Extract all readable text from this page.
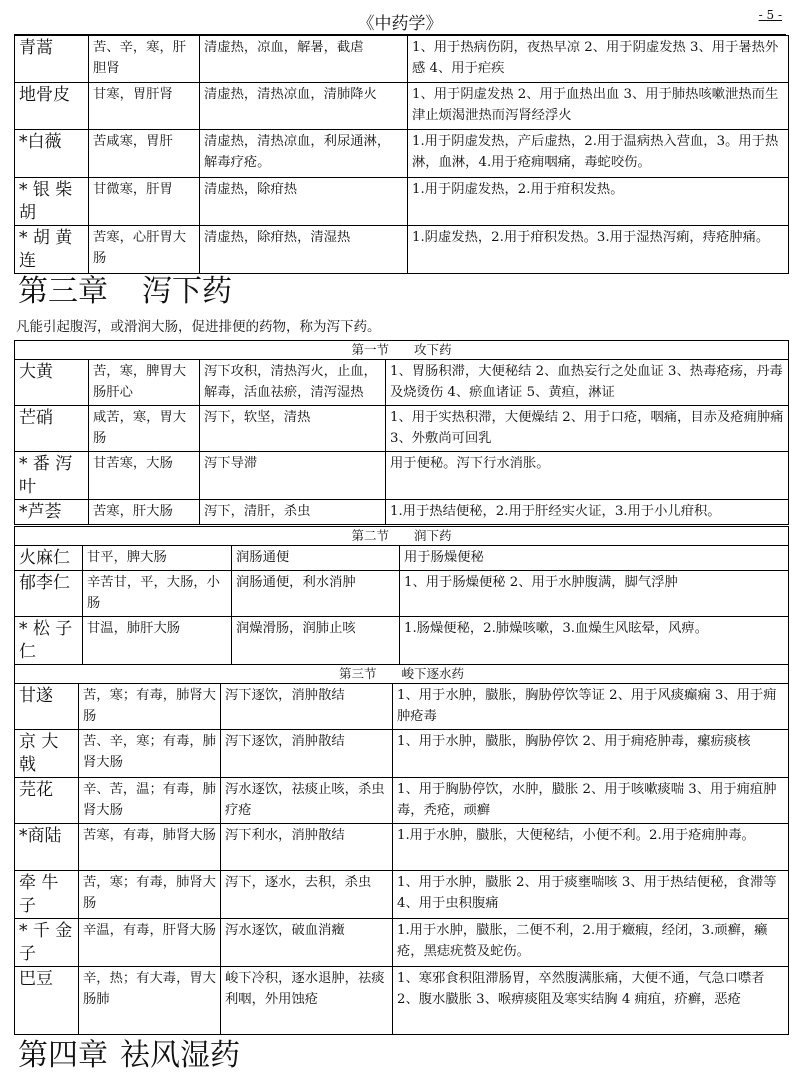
《中药学》	- 5 -
青蒿	苦、辛，寒，肝胆肾	清虚热，凉血，解暑，截虐	1、用于热病伤阴，夜热早凉 2、用于阴虚发热 3、用于暑热外感 4、用于疟疾
地骨皮	甘寒，胃肝肾	清虚热，清热凉血，清肺降火	1、用于阴虚发热 2、用于血热出血 3、用于肺热咳嗽泄热而生津止烦渴泄热而泻肾经浮火
*白薇	苦咸寒，胃肝	清虚热，清热凉血，利尿通淋，解毒疗疮。	1.用于阴虚发热，产后虚热，2.用于温病热入营血，3。用于热淋，血淋，4.用于疮痈咽痛，毒蛇咬伤。
* 银 柴胡	甘微寒，肝胃	清虚热，除疳热	1.用于阴虚发热，2.用于疳积发热。
* 胡 黄连	苦寒，心肝胃大肠	清虚热，除疳热，清湿热	1.阴虚发热，2.用于疳积发热。3.用于湿热泻痢，痔疮肿痛。
第三章 泻下药
凡能引起腹泻，或滑润大肠，促进排便的药物，称为泻下药。
第一节　　攻下药			
大黄	苦，寒，脾胃大肠肝心	泻下攻积，清热泻火，止血，解毒，活血祛瘀，清泻湿热	1、胃肠积滞，大便秘结 2、血热妄行之处血证 3、热毒疮疡，丹毒及烧烫伤 4、瘀血诸证 5、黄疸，淋证
芒硝	咸苦，寒，胃大肠	泻下，软坚，清热	1、用于实热积滞，大便燥结 2、用于口疮，咽痛，目赤及疮痈肿痛 3、外敷尚可回乳
* 番 泻叶	甘苦寒，大肠	泻下导滞	用于便秘。泻下行水消胀。
*芦荟	苦寒，肝大肠	泻下，清肝，杀虫	1.用于热结便秘，2.用于肝经实火证，3.用于小儿疳积。
第二节　　润下药			
火麻仁	甘平，脾大肠	润肠通便	用于肠燥便秘
郁李仁	辛苦甘，平，大肠，小肠	润肠通便，利水消肿	1、用于肠燥便秘 2、用于水肿腹满，脚气浮肿
* 松 子仁	甘温，肺肝大肠	润燥滑肠，润肺止咳	1.肠燥便秘，2.肺燥咳嗽，3.血燥生风眩晕，风痹。
第三节　　峻下逐水药			
甘遂	苦，寒；有毒，肺肾大肠	泻下逐饮，消肿散结	1、用于水肿，臌胀，胸胁停饮等证 2、用于风痰癫痫 3、用于痈肿疮毒
京 大戟	苦、辛，寒；有毒，肺肾大肠	泻下逐饮，消肿散结	1、用于水肿，臌胀，胸胁停饮 2、用于痈疮肿毒，瘰疬痰核
芫花	辛、苦，温；有毒，肺肾大肠	泻水逐饮，祛痰止咳，杀虫疗疮	1、用于胸胁停饮，水肿，臌胀 2、用于咳嗽痰喘 3、用于痈疽肿毒，秃疮，顽癣
*商陆	苦寒，有毒，肺肾大肠	泻下利水，消肿散结	1.用于水肿，臌胀，大便秘结，小便不利。2.用于疮痈肿毒。
牵 牛子	苦，寒；有毒，肺肾大肠	泻下，逐水，去积，杀虫	1、用于水肿，臌胀 2、用于痰壅喘咳 3、用于热结便秘，食滞等 4、用于虫积腹痛
* 千 金子	辛温，有毒，肝肾大肠	泻水逐饮，破血消癥	1.用于水肿，臌胀，二便不利，2.用于癥瘕，经闭，3.顽癣，癞疮，黑痣疣赘及蛇伤。
巴豆	辛，热；有大毒，胃大肠肺	峻下冷积，逐水退肿，祛痰利咽，外用蚀疮	1、寒邪食积阻滞肠胃，卒然腹满胀痛，大便不通，气急口噤者 2、腹水臌胀 3、喉痹痰阻及寒实结胸 4 痈疽，疥癣，恶疮
第四章 祛风湿药
